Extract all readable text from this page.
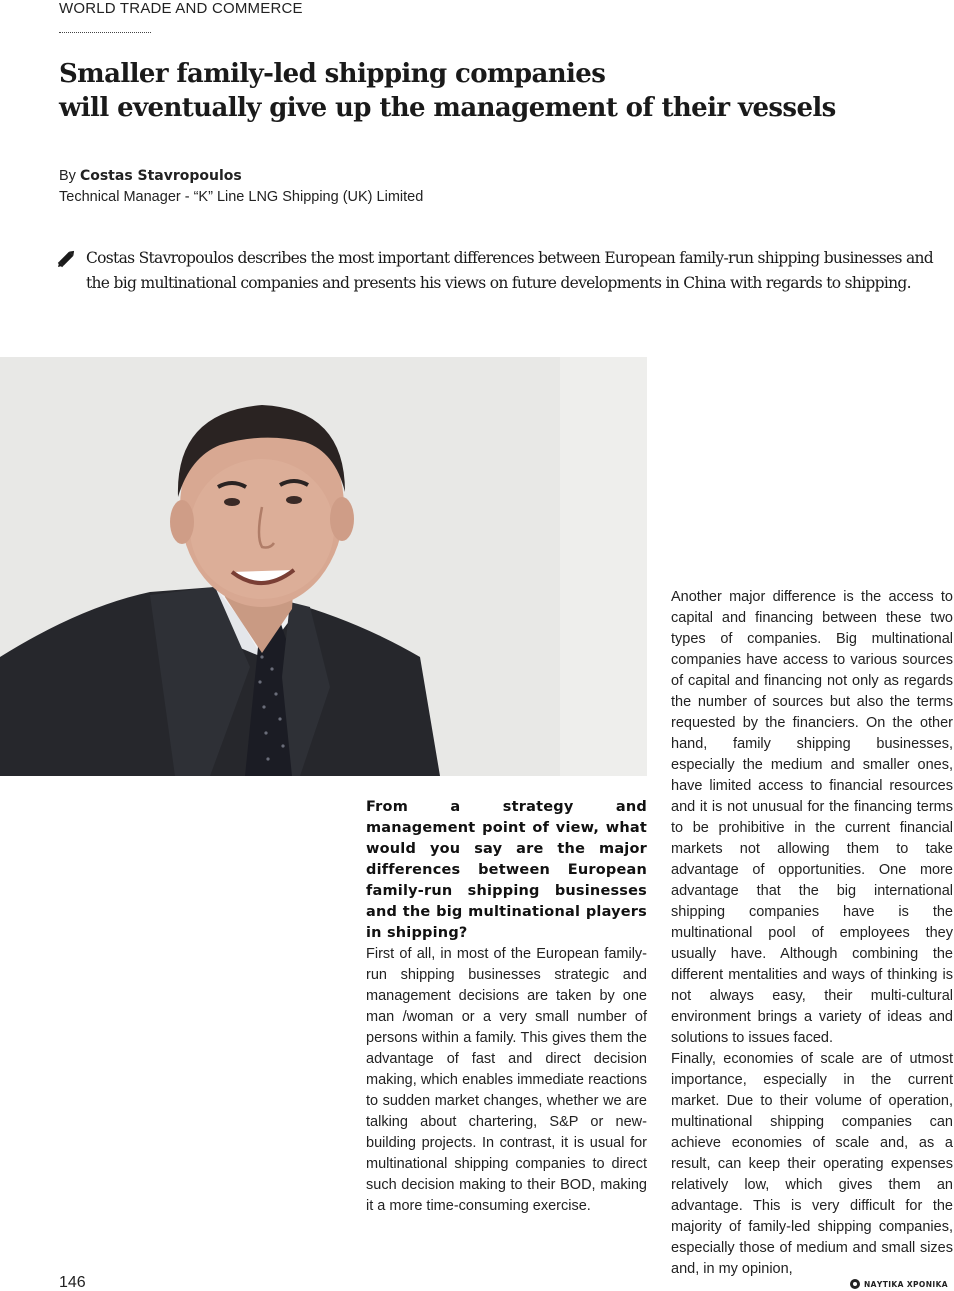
WORLD TRADE AND COMMERCE
Smaller family-led shipping companies
will eventually give up the management of their vessels
By Costas Stavropoulos
Technical Manager - “K” Line LNG Shipping (UK) Limited

Costas Stavropoulos describes the most important differences between European family-run shipping businesses and the big multinational companies and presents his views on future developments in China with regards to shipping.

From a strategy and management point of view, what would you say are the major differences between European family-run shipping businesses and the big multinational players in shipping?

First of all, in most of the European family-run shipping businesses strategic and management decisions are taken by one man /woman or a very small number of persons within a family. This gives them the advantage of fast and direct decision making, which enables immediate reactions to sudden market changes, whether we are talking about chartering, S&P or new-building projects. In contrast, it is usual for multinational shipping companies to direct such decision making to their BOD, making it a more time-consuming exercise.

Another major difference is the access to capital and financing between these two types of companies. Big multinational companies have access to various sources of capital and financing not only as regards the number of sources but also the terms requested by the financiers. On the other hand, family shipping businesses, especially the medium and smaller ones, have limited access to financial resources and it is not unusual for the financing terms to be prohibitive in the current financial markets not allowing them to take advantage of opportunities. One more advantage that the big international shipping companies have is the multinational pool of employees they usually have. Although combining the different mentalities and ways of thinking is not always easy, their multi-cultural environment brings a variety of ideas and solutions to issues faced.

Finally, economies of scale are of utmost importance, especially in the current market. Due to their volume of operation, multinational shipping companies can achieve economies of scale and, as a result, can keep their operating expenses relatively low, which gives them an advantage. This is very difficult for the majority of family-led shipping companies, especially those of medium and small sizes and, in my opinion,

146	ΝΑΥΤΙΚΑ ΧΡΟΝΙΚΑ
